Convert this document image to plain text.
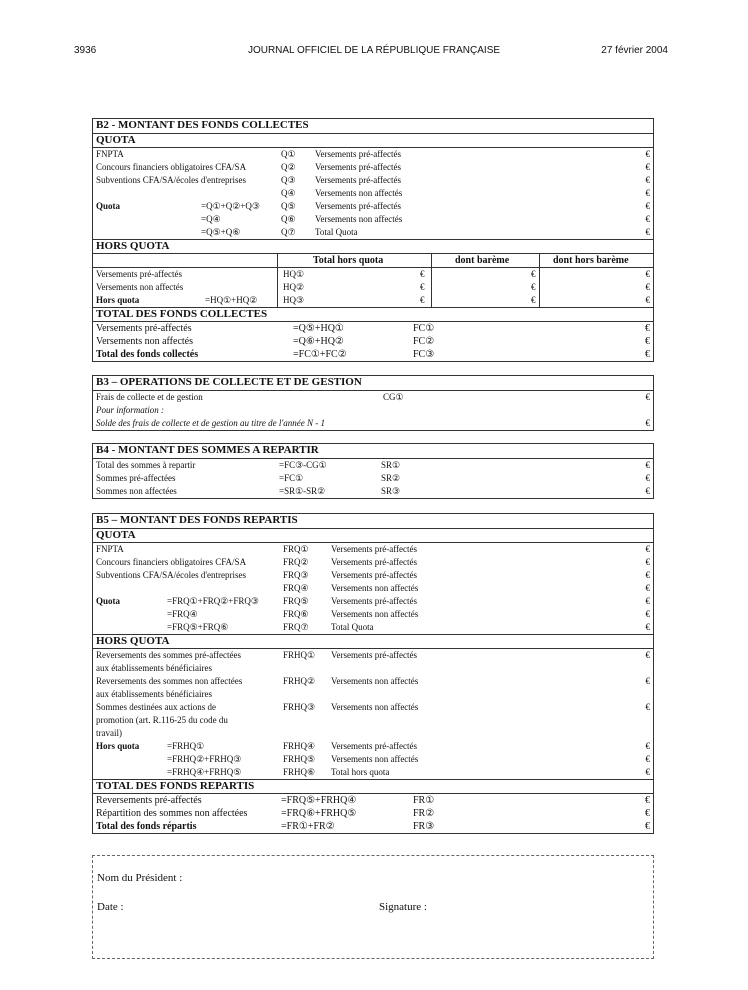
3936	JOURNAL OFFICIEL DE LA RÉPUBLIQUE FRANÇAISE	27 février 2004
B2 - MONTANT DES FONDS COLLECTES
QUOTA
FNPTA	Q① Versements pré-affectés	€
Concours financiers obligatoires CFA/SA	Q② Versements pré-affectés	€
Subventions CFA/SA/écoles d'entreprises	Q③ Versements pré-affectés	€
Q④ Versements non affectés	€
Quota	=Q①+Q②+Q③ Q⑤ Versements pré-affectés	€
=Q④	Q⑥ Versements non affectés	€
=Q⑤+Q⑥	Q⑦ Total Quota	€
HORS QUOTA
Total hors quota	dont barème	dont hors barème
Versements pré-affectés	HQ①	€	€	€
Versements non affectés	HQ②	€	€	€
Hors quota	=HQ①+HQ②	HQ③	€	€	€
TOTAL DES FONDS COLLECTES
Versements pré-affectés	=Q⑤+HQ①	FC①	€
Versements non affectés	=Q⑥+HQ②	FC②	€
Total des fonds collectés	=FC①+FC②	FC③	€
B3 – OPERATIONS DE COLLECTE ET DE GESTION
Frais de collecte et de gestion	CG①	€
Pour information :
Solde des frais de collecte et de gestion au titre de l'année N - 1	€
B4 - MONTANT DES SOMMES A REPARTIR
Total des sommes à repartir	=FC③-CG①	SR①	€
Sommes pré-affectées	=FC①	SR②	€
Sommes non affectées	=SR①-SR②	SR③	€
B5 – MONTANT DES FONDS REPARTIS
QUOTA
FNPTA	FRQ① Versements pré-affectés	€
Concours financiers obligatoires CFA/SA	FRQ② Versements pré-affectés	€
Subventions CFA/SA/écoles d'entreprises	FRQ③ Versements pré-affectés	€
FRQ④ Versements non affectés	€
Quota	=FRQ①+FRQ②+FRQ③	FRQ⑤ Versements pré-affectés	€
=FRQ④	FRQ⑥ Versements non affectés	€
=FRQ⑤+FRQ⑥	FRQ⑦ Total Quota	€
HORS QUOTA
Reversements des sommes pré-affectées	FRHQ① Versements pré-affectés	€
aux établissements bénéficiaires
Reversements des sommes non affectées	FRHQ② Versements non affectés	€
aux établissements bénéficiaires
Sommes destinées aux actions de	FRHQ③ Versements non affectés	€
promotion (art. R.116-25 du code du
travail)
Hors quota	=FRHQ①	FRHQ④ Versements pré-affectés	€
=FRHQ②+FRHQ③	FRHQ⑤ Versements non affectés	€
=FRHQ④+FRHQ⑤	FRHQ⑥ Total hors quota	€
TOTAL DES FONDS REPARTIS
Reversements pré-affectés	=FRQ⑤+FRHQ④	FR①	€
Répartition des sommes non affectées	=FRQ⑥+FRHQ⑤	FR②	€
Total des fonds répartis	=FR①+FR②	FR③	€
Nom du Président :
Date :	Signature :
